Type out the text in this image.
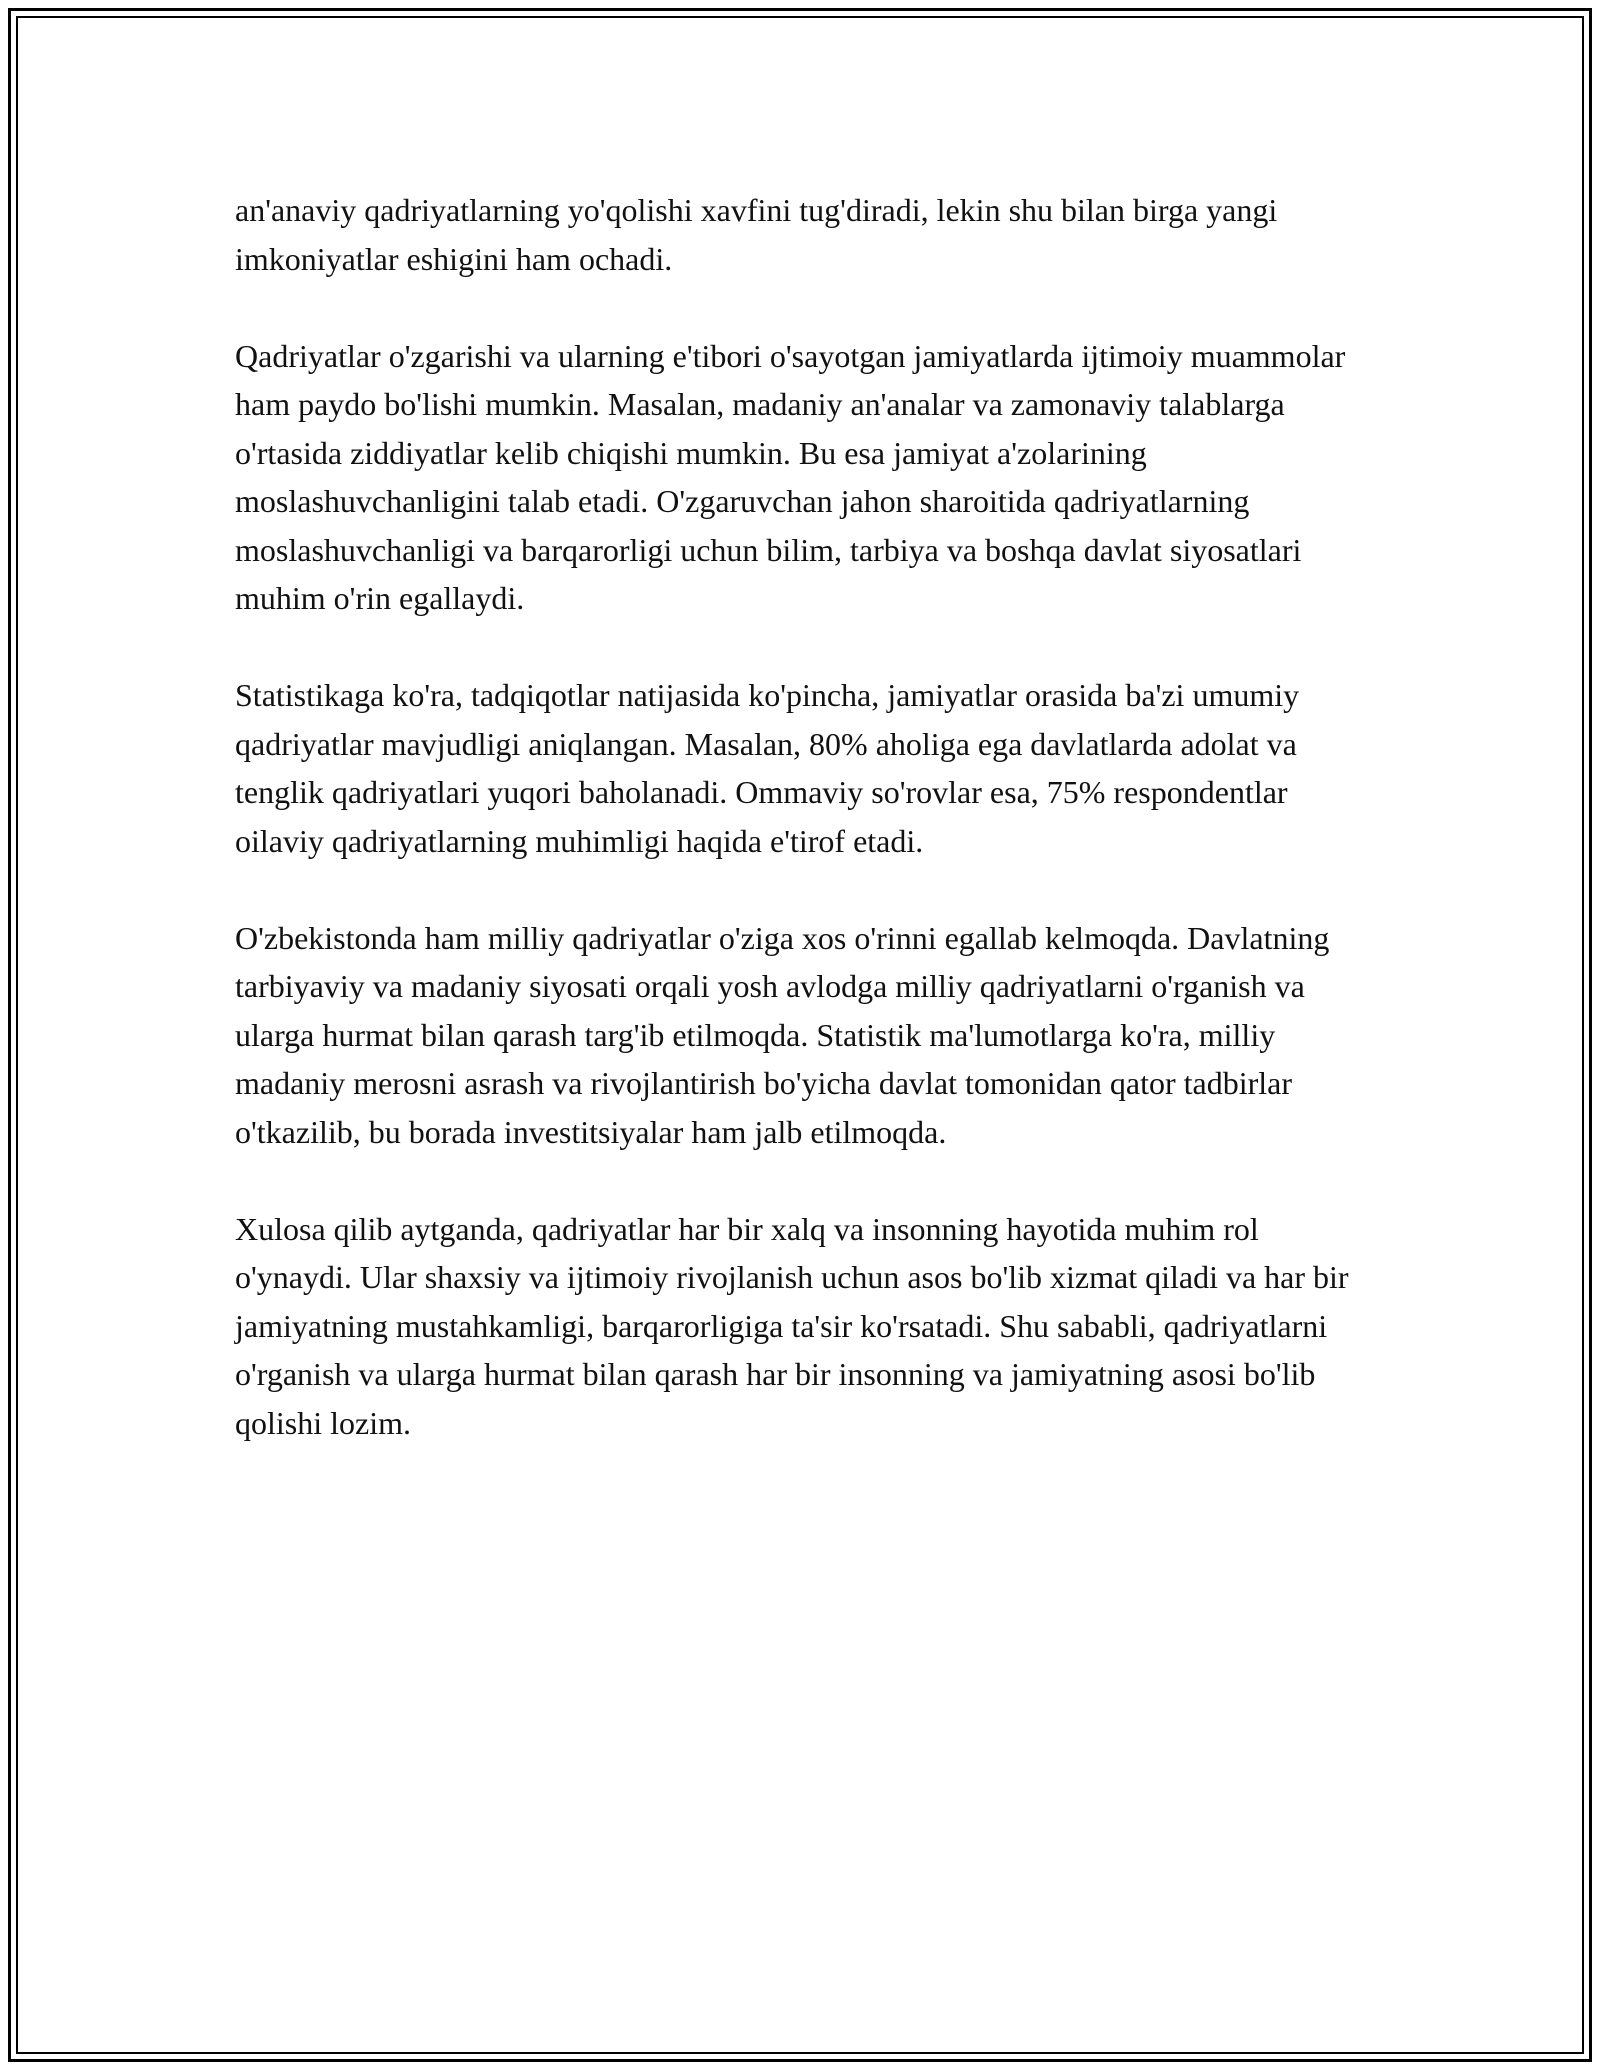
an'anaviy qadriyatlarning yo'qolishi xavfini tug'diradi, lekin shu bilan birga yangi imkoniyatlar eshigini ham ochadi.

Qadriyatlar o'zgarishi va ularning e'tibori o'sayotgan jamiyatlarda ijtimoiy muammolar ham paydo bo'lishi mumkin. Masalan, madaniy an'analar va zamonaviy talablarga o'rtasida ziddiyatlar kelib chiqishi mumkin. Bu esa jamiyat a'zolarining moslashuvchanligini talab etadi. O'zgaruvchan jahon sharoitida qadriyatlarning moslashuvchanligi va barqarorligi uchun bilim, tarbiya va boshqa davlat siyosatlari muhim o'rin egallaydi.

Statistikaga ko'ra, tadqiqotlar natijasida ko'pincha, jamiyatlar orasida ba'zi umumiy qadriyatlar mavjudligi aniqlangan. Masalan, 80% aholiga ega davlatlarda adolat va tenglik qadriyatlari yuqori baholanadi. Ommaviy so'rovlar esa, 75% respondentlar oilaviy qadriyatlarning muhimligi haqida e'tirof etadi.

O'zbekistonda ham milliy qadriyatlar o'ziga xos o'rinni egallab kelmoqda. Davlatning tarbiyaviy va madaniy siyosati orqali yosh avlodga milliy qadriyatlarni o'rganish va ularga hurmat bilan qarash targ'ib etilmoqda. Statistik ma'lumotlarga ko'ra, milliy madaniy merosni asrash va rivojlantirish bo'yicha davlat tomonidan qator tadbirlar o'tkazilib, bu borada investitsiyalar ham jalb etilmoqda.

Xulosa qilib aytganda, qadriyatlar har bir xalq va insonning hayotida muhim rol o'ynaydi. Ular shaxsiy va ijtimoiy rivojlanish uchun asos bo'lib xizmat qiladi va har bir jamiyatning mustahkamligi, barqarorligiga ta'sir ko'rsatadi. Shu sababli, qadriyatlarni o'rganish va ularga hurmat bilan qarash har bir insonning va jamiyatning asosi bo'lib qolishi lozim.
